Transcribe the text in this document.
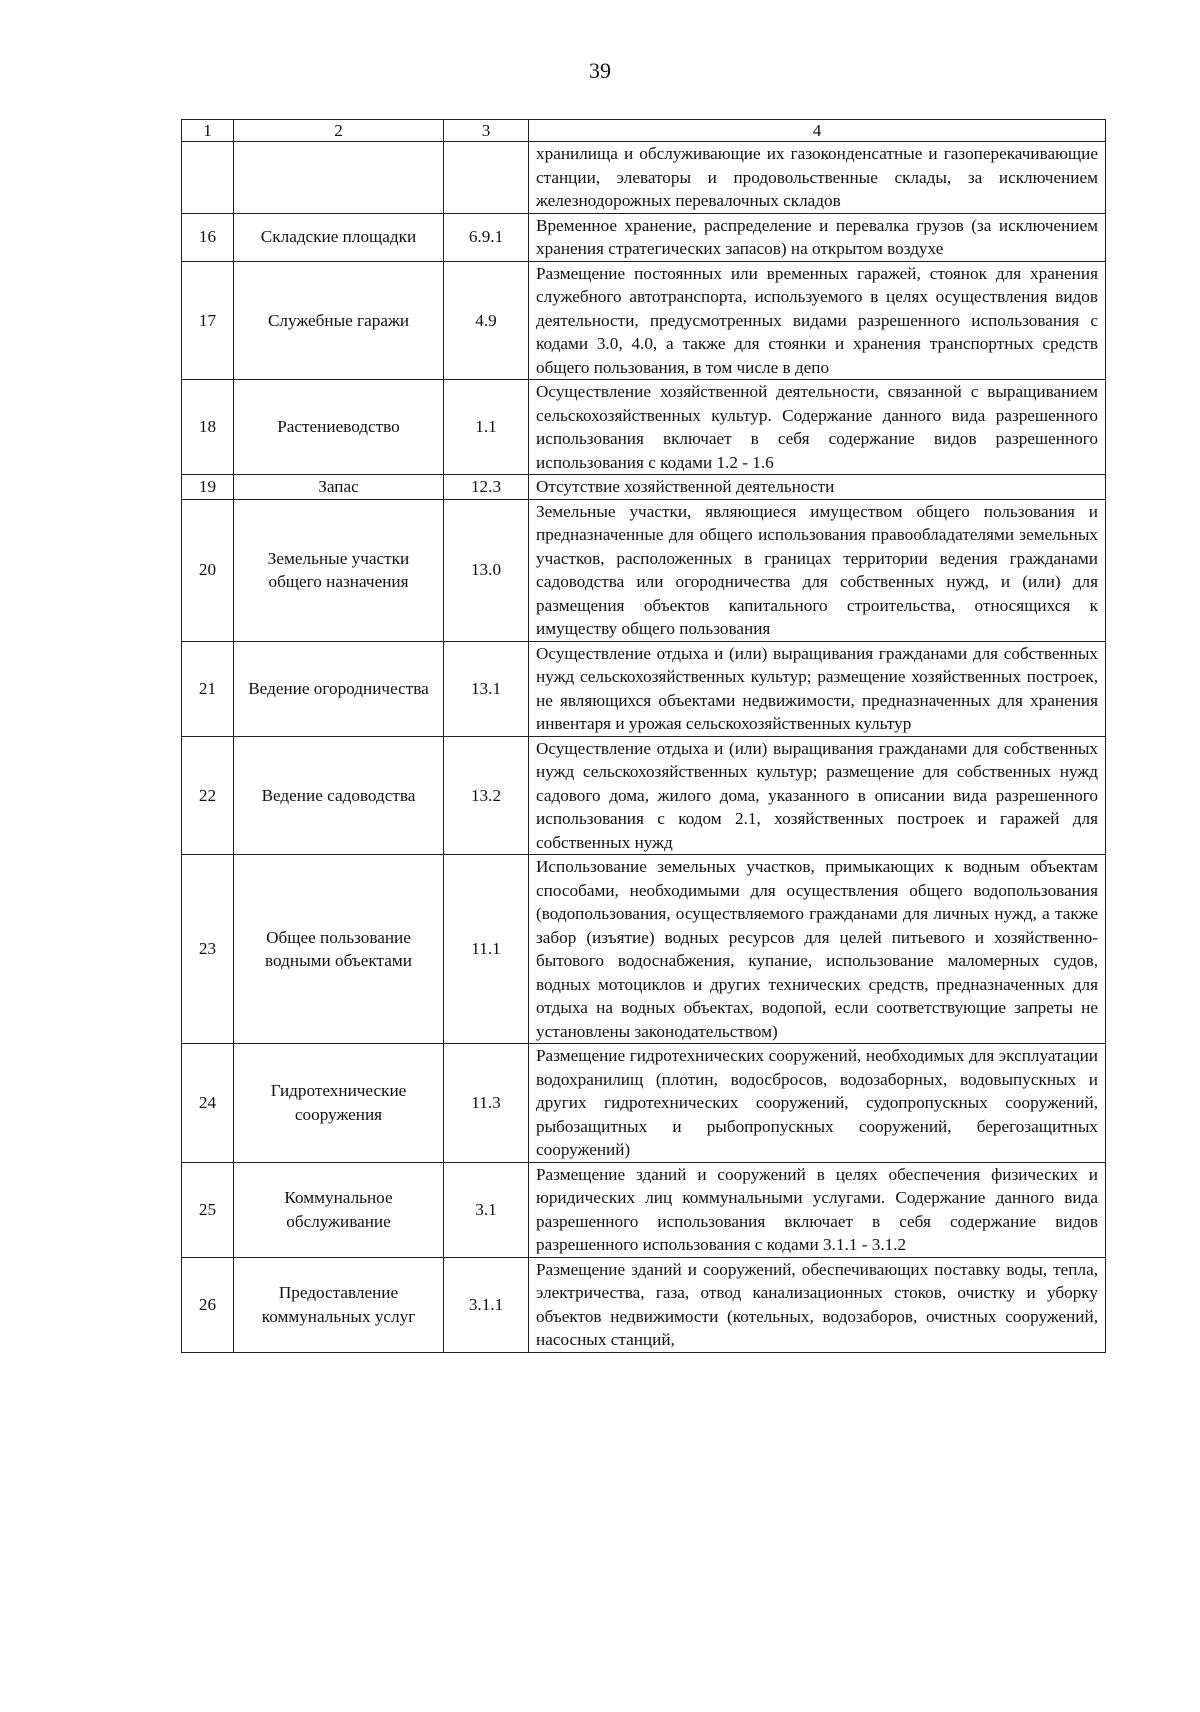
39
1	2	3	4
			хранилища и обслуживающие их газоконденсатные и газоперекачивающие станции, элеваторы и продовольственные склады, за исключением железнодорожных перевалочных складов
16	Складские площадки	6.9.1	Временное хранение, распределение и перевалка грузов (за исключением хранения стратегических запасов) на открытом воздухе
17	Служебные гаражи	4.9	Размещение постоянных или временных гаражей, стоянок для хранения служебного автотранспорта, используемого в целях осуществления видов деятельности, предусмотренных видами разрешенного использования с кодами 3.0, 4.0, а также для стоянки и хранения транспортных средств общего пользования, в том числе в депо
18	Растениеводство	1.1	Осуществление хозяйственной деятельности, связанной с выращиванием сельскохозяйственных культур. Содержание данного вида разрешенного использования включает в себя содержание видов разрешенного использования с кодами 1.2 - 1.6
19	Запас	12.3	Отсутствие хозяйственной деятельности
20	Земельные участки общего назначения	13.0	Земельные участки, являющиеся имуществом общего пользования и предназначенные для общего использования правообладателями земельных участков, расположенных в границах территории ведения гражданами садоводства или огородничества для собственных нужд, и (или) для размещения объектов капитального строительства, относящихся к имуществу общего пользования
21	Ведение огородничества	13.1	Осуществление отдыха и (или) выращивания гражданами для собственных нужд сельскохозяйственных культур; размещение хозяйственных построек, не являющихся объектами недвижимости, предназначенных для хранения инвентаря и урожая сельскохозяйственных культур
22	Ведение садоводства	13.2	Осуществление отдыха и (или) выращивания гражданами для собственных нужд сельскохозяйственных культур; размещение для собственных нужд садового дома, жилого дома, указанного в описании вида разрешенного использования с кодом 2.1, хозяйственных построек и гаражей для собственных нужд
23	Общее пользование водными объектами	11.1	Использование земельных участков, примыкающих к водным объектам способами, необходимыми для осуществления общего водопользования (водопользования, осуществляемого гражданами для личных нужд, а также забор (изъятие) водных ресурсов для целей питьевого и хозяйственно-бытового водоснабжения, купание, использование маломерных судов, водных мотоциклов и других технических средств, предназначенных для отдыха на водных объектах, водопой, если соответствующие запреты не установлены законодательством)
24	Гидротехнические сооружения	11.3	Размещение гидротехнических сооружений, необходимых для эксплуатации водохранилищ (плотин, водосбросов, водозаборных, водовыпускных и других гидротехнических сооружений, судопропускных сооружений, рыбозащитных и рыбопропускных сооружений, берегозащитных сооружений)
25	Коммунальное обслуживание	3.1	Размещение зданий и сооружений в целях обеспечения физических и юридических лиц коммунальными услугами. Содержание данного вида разрешенного использования включает в себя содержание видов разрешенного использования с кодами 3.1.1 - 3.1.2
26	Предоставление коммунальных услуг	3.1.1	Размещение зданий и сооружений, обеспечивающих поставку воды, тепла, электричества, газа, отвод канализационных стоков, очистку и уборку объектов недвижимости (котельных, водозаборов, очистных сооружений, насосных станций,
